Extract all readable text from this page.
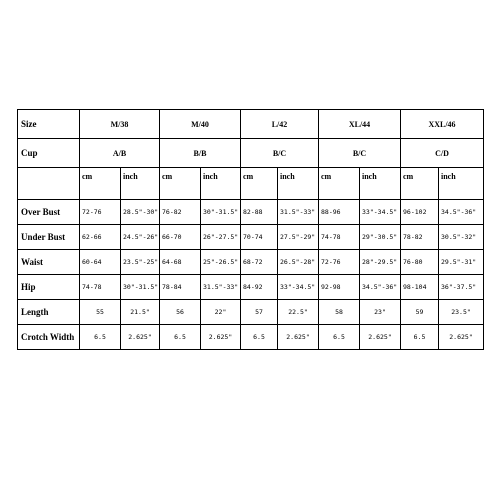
Size	M/38		M/40		L/42		XL/44		XXL/46	
Cup	A/B		B/B		B/C		B/C		C/D	
	cm	inch	cm	inch	cm	inch	cm	inch	cm	inch
Over Bust	72-76	28.5"-30"	76-82	30"-31.5"	82-88	31.5"-33"	88-96	33"-34.5"	96-102	34.5"-36"
Under Bust	62-66	24.5"-26"	66-70	26"-27.5"	70-74	27.5"-29"	74-78	29"-30.5"	78-82	30.5"-32"
Waist	60-64	23.5"-25"	64-68	25"-26.5"	68-72	26.5"-28"	72-76	28"-29.5"	76-80	29.5"-31"
Hip	74-78	30"-31.5"	78-84	31.5"-33"	84-92	33"-34.5"	92-98	34.5"-36"	98-104	36"-37.5"
Length	55	21.5"	56	22"	57	22.5"	58	23"	59	23.5"
Crotch Width	6.5	2.625"	6.5	2.625"	6.5	2.625"	6.5	2.625"	6.5	2.625"
